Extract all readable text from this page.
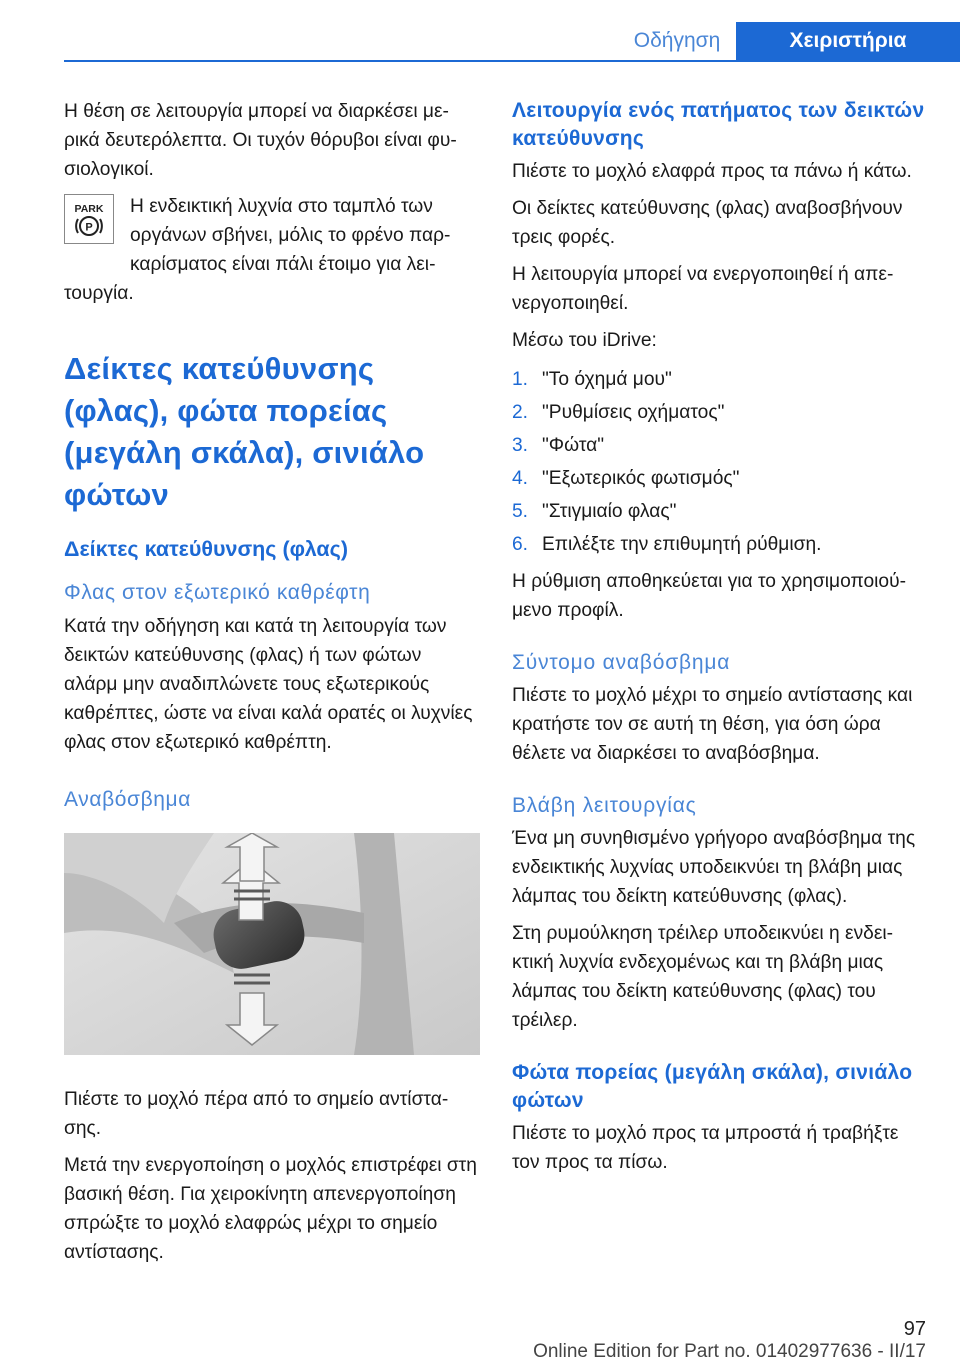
Οδήγηση	Χειριστήρια

Η θέση σε λειτουργία μπορεί να διαρκέσει μερικά δευτερόλεπτα. Οι τυχόν θόρυβοι είναι φυσιολογικοί.

PARK
P

Η ενδεικτική λυχνία στο ταμπλό των
οργάνων σβήνει, μόλις το φρένο παρ-
καρίσματος είναι πάλι έτοιμο για λει-
τουργία.

Δείκτες κατεύθυνσης
(φλας), φώτα πορείας
(μεγάλη σκάλα), σινιάλο
φώτων
Δείκτες κατεύθυνσης (φλας)
Φλας στον εξωτερικό καθρέφτη

Κατά την οδήγηση και κατά τη λειτουργία των δεικτών κατεύθυνσης (φλας) ή των φώτων αλάρμ μην αναδιπλώνετε τους εξωτερικούς καθρέπτες, ώστε να είναι καλά ορατές οι λυχνίες φλας στον εξωτερικό καθρέπτη.

Αναβόσβημα

Πιέστε το μοχλό πέρα από το σημείο αντίστασης.

Μετά την ενεργοποίηση ο μοχλός επιστρέφει στη βασική θέση. Για χειροκίνητη απενεργοποίηση σπρώξτε το μοχλό ελαφρώς μέχρι το σημείο αντίστασης.

Λειτουργία ενός πατήματος των δεικτών κατεύθυνσης

Πιέστε το μοχλό ελαφρά προς τα πάνω ή κάτω.

Οι δείκτες κατεύθυνσης (φλας) αναβοσβήνουν τρεις φορές.

Η λειτουργία μπορεί να ενεργοποιηθεί ή απενεργοποιηθεί.

Μέσω του iDrive:

1. "Το όχημά μου"
2. "Ρυθμίσεις οχήματος"
3. "Φώτα"
4. "Εξωτερικός φωτισμός"
5. "Στιγμιαίο φλας"
6. Επιλέξτε την επιθυμητή ρύθμιση.

Η ρύθμιση αποθηκεύεται για το χρησιμοποιούμενο προφίλ.

Σύντομο αναβόσβημα

Πιέστε το μοχλό μέχρι το σημείο αντίστασης και κρατήστε τον σε αυτή τη θέση, για όση ώρα θέλετε να διαρκέσει το αναβόσβημα.

Βλάβη λειτουργίας

Ένα μη συνηθισμένο γρήγορο αναβόσβημα της ενδεικτικής λυχνίας υποδεικνύει τη βλάβη μιας λάμπας του δείκτη κατεύθυνσης (φλας).

Στη ρυμούλκηση τρέιλερ υποδεικνύει η ενδεικτική λυχνία ενδεχομένως και τη βλάβη μιας λάμπας του δείκτη κατεύθυνσης (φλας) του τρέιλερ.

Φώτα πορείας (μεγάλη σκάλα), σινιάλο φώτων

Πιέστε το μοχλό προς τα μπροστά ή τραβήξτε τον προς τα πίσω.

97
Online Edition for Part no. 01402977636 - II/17
